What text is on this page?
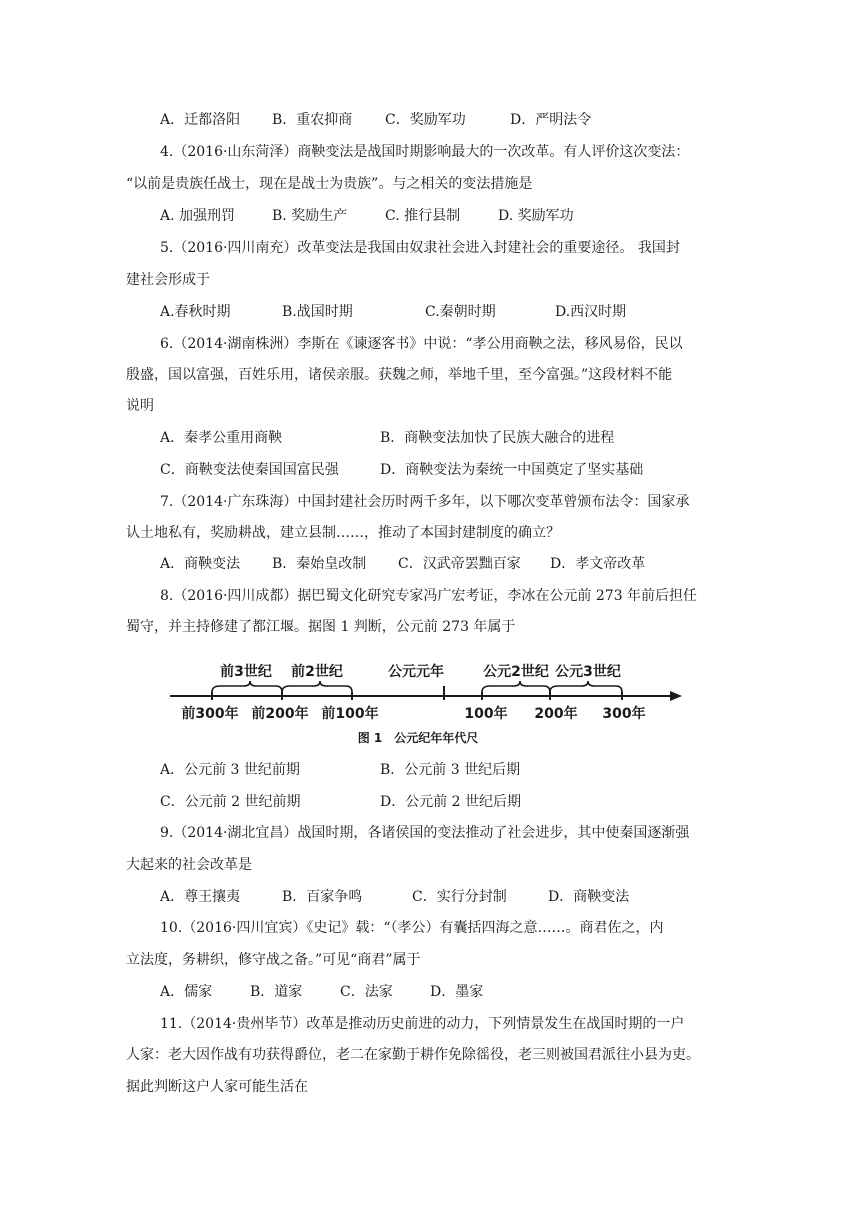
A．迁都洛阳 B．重农抑商 C．奖励军功	D．严明法令
4.（2016·山东菏泽）商鞅变法是战国时期影响最大的一次改革。有人评价这次变法：
“以前是贵族任战士，现在是战士为贵族”。与之相关的变法措施是
A. 加强刑罚	B. 奖励生产	C. 推行县制	D. 奖励军功
5.（2016·四川南充）改革变法是我国由奴隶社会进入封建社会的重要途径。 我国封
建社会形成于
A.春秋时期	B.战国时期	C.秦朝时期	D.西汉时期
6.（2014·湖南株洲）李斯在《谏逐客书》中说：“孝公用商鞅之法，移风易俗，民以
殷盛，国以富强，百姓乐用，诸侯亲服。获魏之师，举地千里，至今富强。”这段材料不能
说明
A．秦孝公重用商鞅	B．商鞅变法加快了民族大融合的进程
C．商鞅变法使秦国国富民强	D．商鞅变法为秦统一中国奠定了坚实基础
7.（2014·广东珠海）中国封建社会历时两千多年，以下哪次变革曾颁布法令：国家承
认土地私有，奖励耕战，建立县制……，推动了本国封建制度的确立？
A．商鞅变法 B．秦始皇改制 C．汉武帝罢黜百家 D．孝文帝改革
8.（2016·四川成都）据巴蜀文化研究专家冯广宏考证，李冰在公元前 273 年前后担任
蜀守，并主持修建了都江堰。据图 1 判断，公元前 273 年属于
前3世纪 前2世纪	公元元年	公元2世纪 公元3世纪
前300年 前200年 前100年	100年 200年 300年
图 1　公元纪年年代尺
A．公元前 3 世纪前期	B．公元前 3 世纪后期
C．公元前 2 世纪前期	D．公元前 2 世纪后期
9.（2014·湖北宜昌）战国时期，各诸侯国的变法推动了社会进步，其中使秦国逐渐强
大起来的社会改革是
A．尊王攘夷	B．百家争鸣	C．实行分封制	D．商鞅变法
10.（2016·四川宜宾）《史记》载：“（孝公）有囊括四海之意……。商君佐之，内
立法度，务耕织，修守战之备。”可见“商君”属于
A．儒家	B．道家	C．法家	D．墨家
11.（2014·贵州毕节）改革是推动历史前进的动力，下列情景发生在战国时期的一户
人家：老大因作战有功获得爵位，老二在家勤于耕作免除徭役，老三则被国君派往小县为吏。
据此判断这户人家可能生活在
